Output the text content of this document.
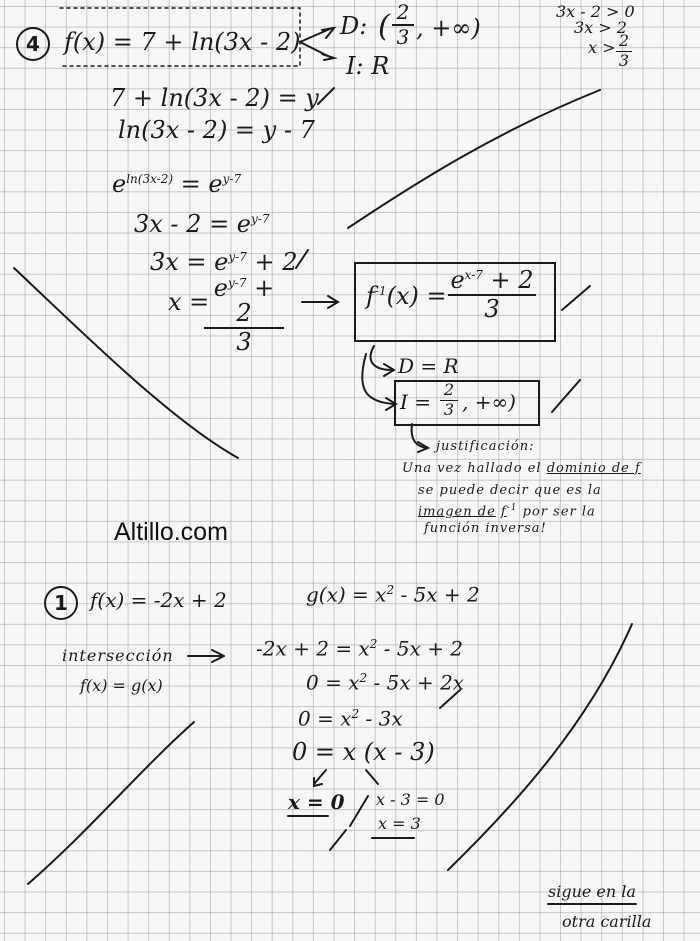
4	f(x) = 7 + ln(3x - 2)
D: ( 2
3 , +∞)
I: R
3x - 2 > 0
3x > 2
x > 2
3
7 + ln(3x - 2) = y
ln(3x - 2) = y - 7
$e^{ln(3x-2)} = e^{y-7}$
$3x - 2 = e^{y-7}$
$3x = e^{y-7} + 2$
$x = e^{y-7} + 2$
3
$f^{-1}(x)$ =
$e^{x-7} + 2$
3
D = R
I =
2
3 , +∞)
justificación:
Una vez hallado el dominio de f
se puede decir que es la
imagen de $f^{-1}$ por ser la
función inversa!
Altillo.com
1	f(x) = -2x + 2	$g(x) = x^2 - 5x + 2$
intersección
f(x) = g(x)
$-2x + 2 = x^2 - 5x + 2$
$0 = x^2 - 5x + 2x$
$0 = x^2 - 3x$
0 = x (x - 3)
x = 0 x - 3 = 0
x = 3
sigue en la
otra carilla
